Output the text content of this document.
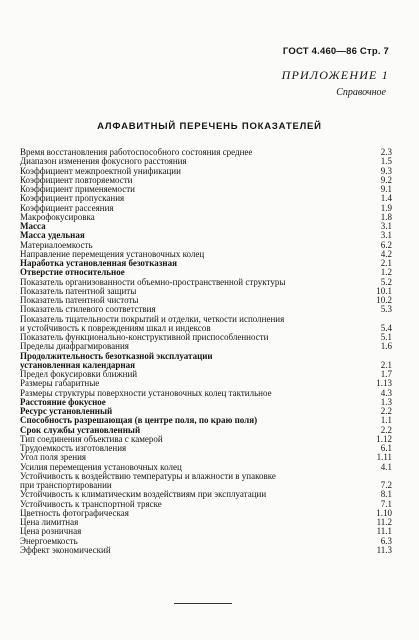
ГОСТ 4.460—86 Стр. 7
ПРИЛОЖЕНИЕ 1
Справочное
АЛФАВИТНЫЙ ПЕРЕЧЕНЬ ПОКАЗАТЕЛЕЙ
Время восстановления работоспособного состояния среднее	2.3
Диапазон изменения фокусного расстояния	1.5
Коэффициент межпроектной унификации	9.3
Коэффициент повторяемости	9.2
Коэффициент применяемости	9.1
Коэффициент пропускания	1.4
Коэффициент рассеяния	1.9
Макрофокусировка	1.8
Масса	3.1
Масса удельная	3.1
Материалоемкость	6.2
Направление перемещения установочных колец	4.2
Наработка установленная безотказная	2.1
Отверстие относительное	1.2
Показатель организованности объемно-пространственной структуры	5.2
Показатель патентной защиты	10.1
Показатель патентной чистоты	10.2
Показатель стилевого соответствия	5.3
Показатель тщательности покрытий и отделки, четкости исполнения
и устойчивость к повреждениям шкал и индексов	5.4
Показатель функционально-конструктивной приспособленности	5.1
Пределы диафрагмирования	1.6
Продолжительность безотказной эксплуатации
установленная календарная	2.1
Предел фокусировки ближний	1.7
Размеры габаритные	1.13
Размеры структуры поверхности установочных колец тактильное	4.3
Расстояние фокусное	1.3
Ресурс установленный	2.2
Способность разрешающая (в центре поля, по краю поля)	1.1
Срок службы установленный	2.2
Тип соединения объектива с камерой	1.12
Трудоемкость изготовления	6.1
Угол поля зрения	1.11
Усилия перемещения установочных колец	4.1
Устойчивость к воздействию температуры и влажности в упаковке
при транспортировании	7.2
Устойчивость к климатическим воздействиям при эксплуатации	8.1
Устойчивость к транспортной тряске	7.1
Цветность фотографическая	1.10
Цена лимитная	11.2
Цена розничная	11.1
Энергоемкость	6.3
Эффект экономический	11.3
